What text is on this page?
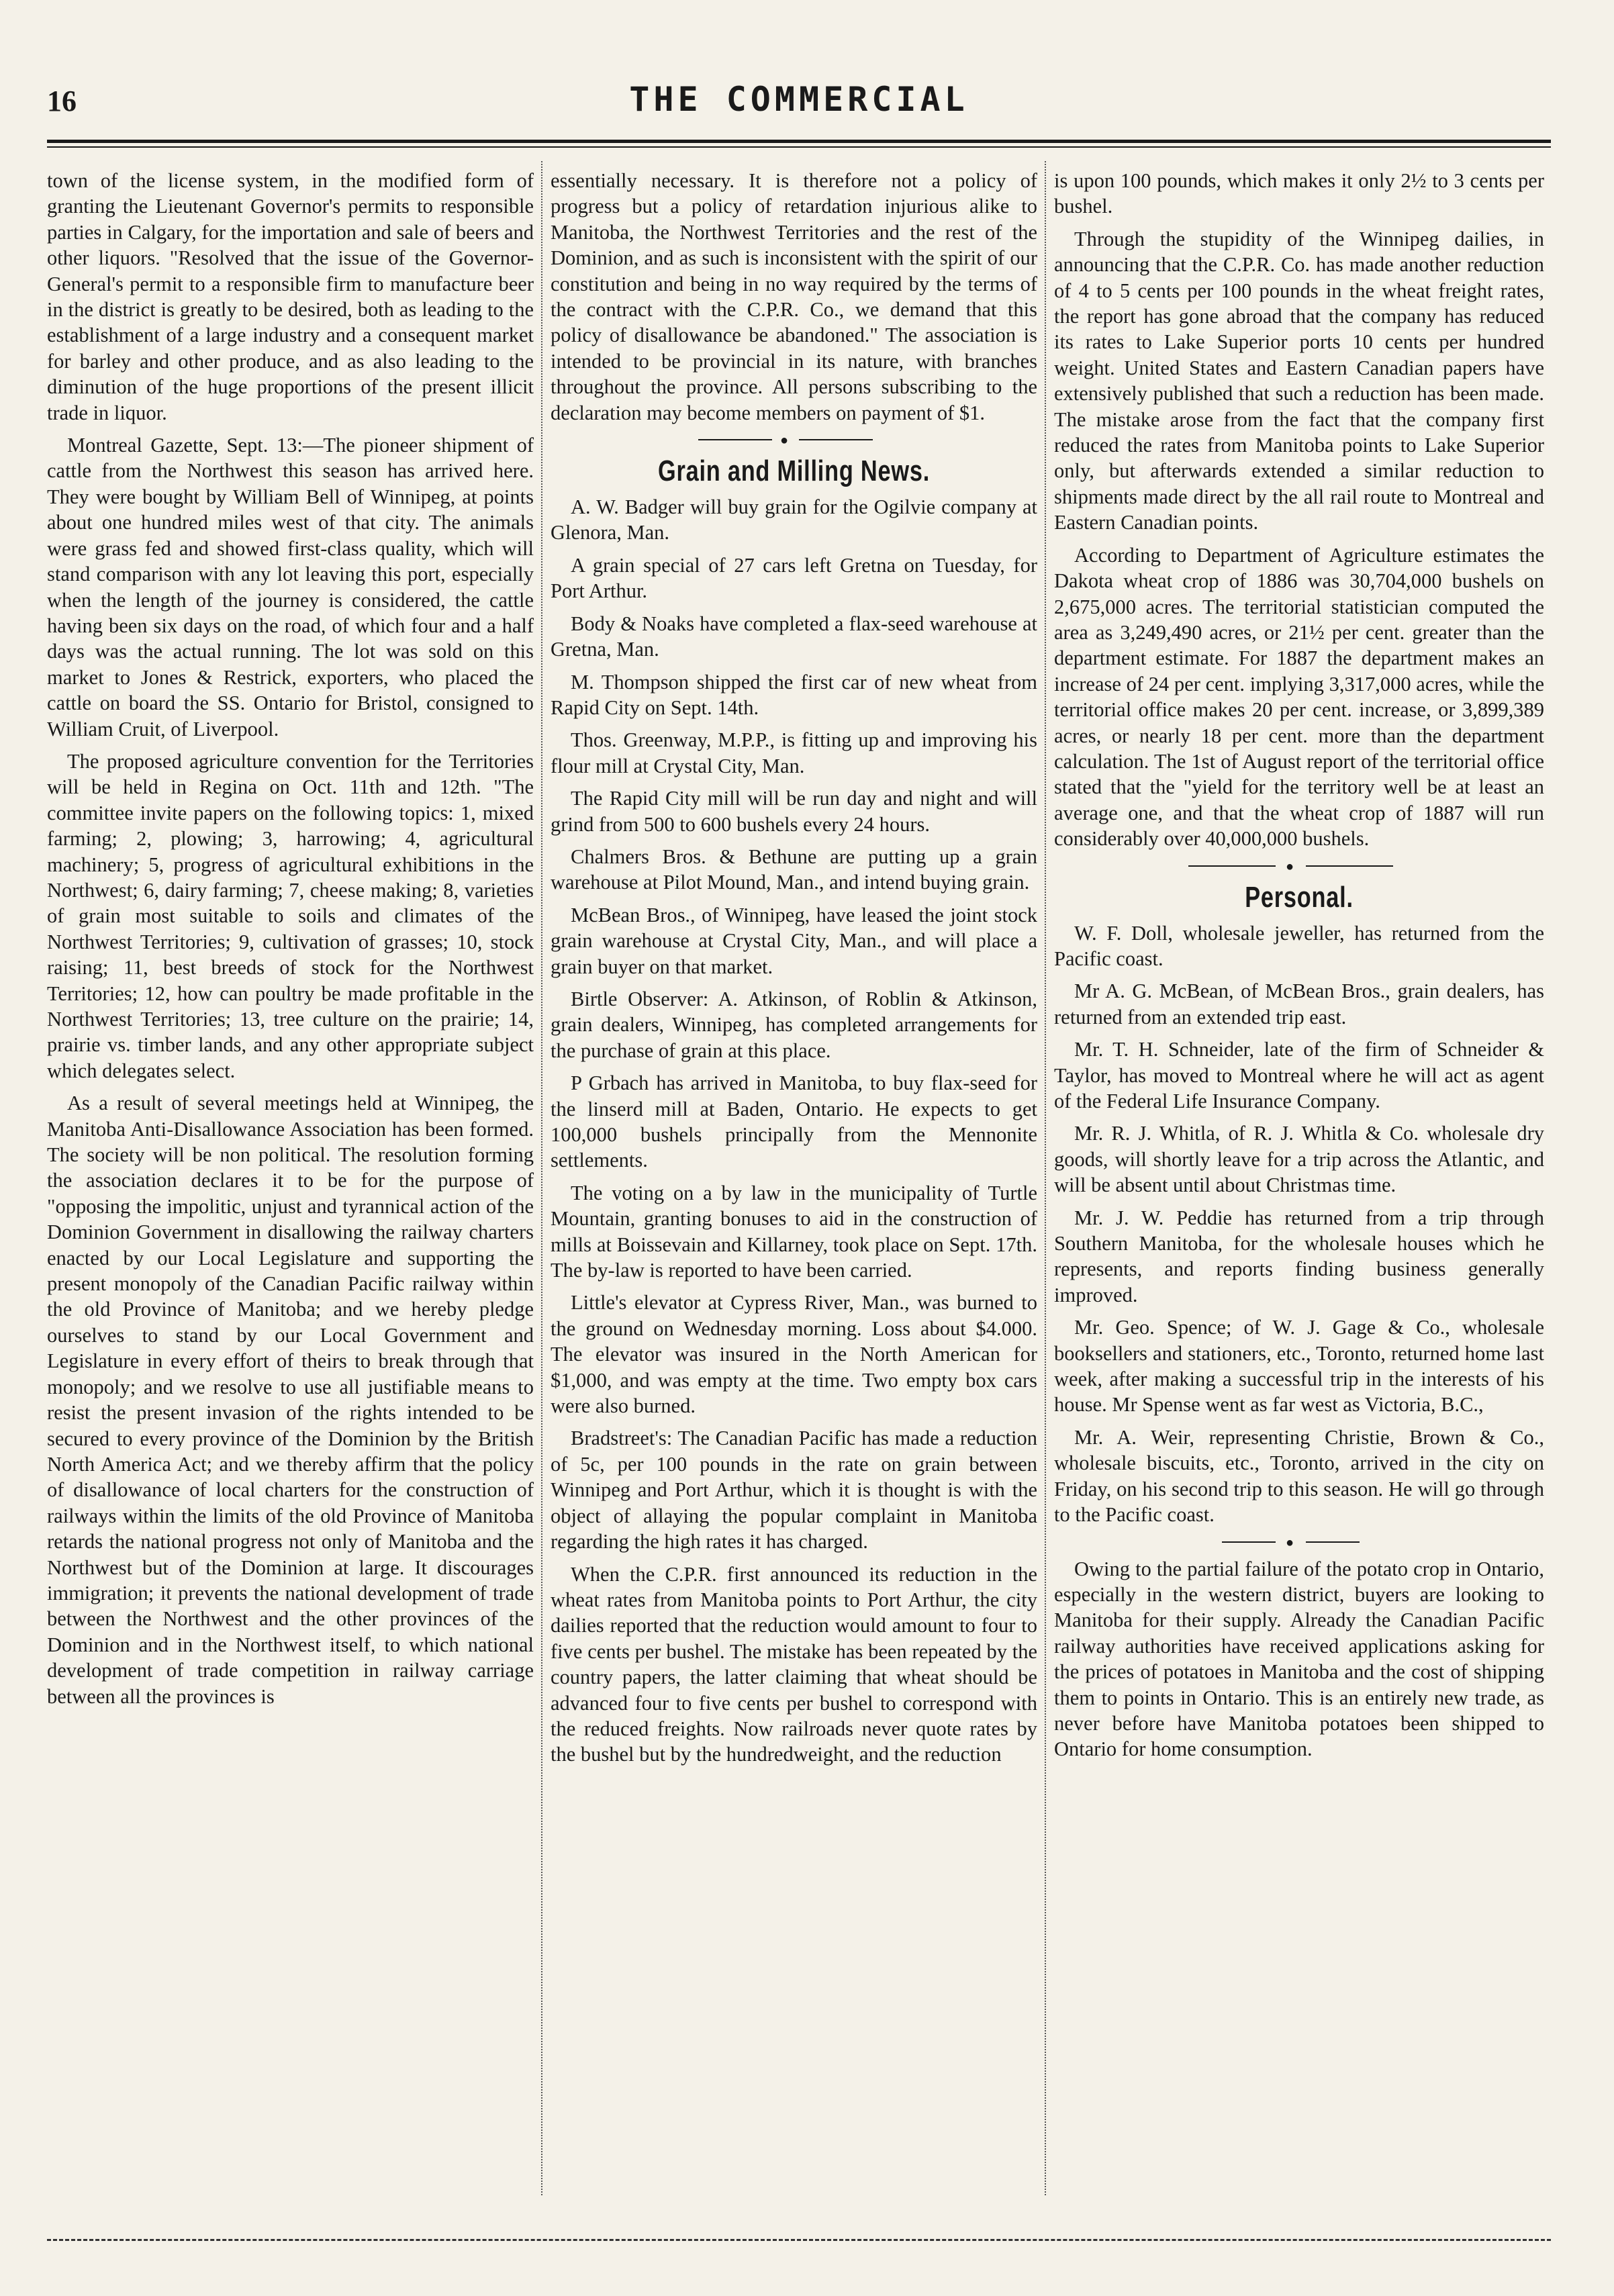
16	THE COMMERCIAL

town of the license system, in the modified form of granting the Lieutenant Governor's permits to responsible parties in Calgary, for the importation and sale of beers and other liquors. "Resolved that the issue of the Governor-General's permit to a responsible firm to manufacture beer in the district is greatly to be desired, both as leading to the establishment of a large industry and a consequent market for barley and other produce, and as also leading to the diminution of the huge proportions of the present illicit trade in liquor.

Montreal Gazette, Sept. 13:—The pioneer shipment of cattle from the Northwest this season has arrived here. They were bought by William Bell of Winnipeg, at points about one hundred miles west of that city. The animals were grass fed and showed first-class quality, which will stand comparison with any lot leaving this port, especially when the length of the journey is considered, the cattle having been six days on the road, of which four and a half days was the actual running. The lot was sold on this market to Jones & Restrick, exporters, who placed the cattle on board the SS. Ontario for Bristol, consigned to William Cruit, of Liverpool.

The proposed agriculture convention for the Territories will be held in Regina on Oct. 11th and 12th. "The committee invite papers on the following topics: 1, mixed farming; 2, plowing; 3, harrowing; 4, agricultural machinery; 5, progress of agricultural exhibitions in the Northwest; 6, dairy farming; 7, cheese making; 8, varieties of grain most suitable to soils and climates of the Northwest Territories; 9, cultivation of grasses; 10, stock raising; 11, best breeds of stock for the Northwest Territories; 12, how can poultry be made profitable in the Northwest Territories; 13, tree culture on the prairie; 14, prairie vs. timber lands, and any other appropriate subject which delegates select.

As a result of several meetings held at Winnipeg, the Manitoba Anti-Disallowance Association has been formed. The society will be non political. The resolution forming the association declares it to be for the purpose of "opposing the impolitic, unjust and tyrannical action of the Dominion Government in disallowing the railway charters enacted by our Local Legislature and supporting the present monopoly of the Canadian Pacific railway within the old Province of Manitoba; and we hereby pledge ourselves to stand by our Local Government and Legislature in every effort of theirs to break through that monopoly; and we resolve to use all justifiable means to resist the present invasion of the rights intended to be secured to every province of the Dominion by the British North America Act; and we thereby affirm that the policy of disallowance of local charters for the construction of railways within the limits of the old Province of Manitoba retards the national progress not only of Manitoba and the Northwest but of the Dominion at large. It discourages immigration; it prevents the national development of trade between the Northwest and the other provinces of the Dominion and in the Northwest itself, to which national development of trade competition in railway carriage between all the provinces is

essentially necessary. It is therefore not a policy of progress but a policy of retardation injurious alike to Manitoba, the Northwest Territories and the rest of the Dominion, and as such is inconsistent with the spirit of our constitution and being in no way required by the terms of the contract with the C.P.R. Co., we demand that this policy of disallowance be abandoned." The association is intended to be provincial in its nature, with branches throughout the province. All persons subscribing to the declaration may become members on payment of $1.

●
Grain and Milling News.

A. W. Badger will buy grain for the Ogilvie company at Glenora, Man.

A grain special of 27 cars left Gretna on Tuesday, for Port Arthur.

Body & Noaks have completed a flax-seed warehouse at Gretna, Man.

M. Thompson shipped the first car of new wheat from Rapid City on Sept. 14th.

Thos. Greenway, M.P.P., is fitting up and improving his flour mill at Crystal City, Man.

The Rapid City mill will be run day and night and will grind from 500 to 600 bushels every 24 hours.

Chalmers Bros. & Bethune are putting up a grain warehouse at Pilot Mound, Man., and intend buying grain.

McBean Bros., of Winnipeg, have leased the joint stock grain warehouse at Crystal City, Man., and will place a grain buyer on that market.

Birtle Observer: A. Atkinson, of Roblin & Atkinson, grain dealers, Winnipeg, has completed arrangements for the purchase of grain at this place.

P Grbach has arrived in Manitoba, to buy flax-seed for the linserd mill at Baden, Ontario. He expects to get 100,000 bushels principally from the Mennonite settlements.

The voting on a by law in the municipality of Turtle Mountain, granting bonuses to aid in the construction of mills at Boissevain and Killarney, took place on Sept. 17th. The by-law is reported to have been carried.

Little's elevator at Cypress River, Man., was burned to the ground on Wednesday morning. Loss about $4.000. The elevator was insured in the North American for $1,000, and was empty at the time. Two empty box cars were also burned.

Bradstreet's: The Canadian Pacific has made a reduction of 5c, per 100 pounds in the rate on grain between Winnipeg and Port Arthur, which it is thought is with the object of allaying the popular complaint in Manitoba regarding the high rates it has charged.

When the C.P.R. first announced its reduction in the wheat rates from Manitoba points to Port Arthur, the city dailies reported that the reduction would amount to four to five cents per bushel. The mistake has been repeated by the country papers, the latter claiming that wheat should be advanced four to five cents per bushel to correspond with the reduced freights. Now railroads never quote rates by the bushel but by the hundredweight, and the reduction

is upon 100 pounds, which makes it only 2½ to 3 cents per bushel.

Through the stupidity of the Winnipeg dailies, in announcing that the C.P.R. Co. has made another reduction of 4 to 5 cents per 100 pounds in the wheat freight rates, the report has gone abroad that the company has reduced its rates to Lake Superior ports 10 cents per hundred weight. United States and Eastern Canadian papers have extensively published that such a reduction has been made. The mistake arose from the fact that the company first reduced the rates from Manitoba points to Lake Superior only, but afterwards extended a similar reduction to shipments made direct by the all rail route to Montreal and Eastern Canadian points.

According to Department of Agriculture estimates the Dakota wheat crop of 1886 was 30,704,000 bushels on 2,675,000 acres. The territorial statistician computed the area as 3,249,490 acres, or 21½ per cent. greater than the department estimate. For 1887 the department makes an increase of 24 per cent. implying 3,317,000 acres, while the territorial office makes 20 per cent. increase, or 3,899,389 acres, or nearly 18 per cent. more than the department calculation. The 1st of August report of the territorial office stated that the "yield for the territory well be at least an average one, and that the wheat crop of 1887 will run considerably over 40,000,000 bushels.

●
Personal.

W. F. Doll, wholesale jeweller, has returned from the Pacific coast.

Mr A. G. McBean, of McBean Bros., grain dealers, has returned from an extended trip east.

Mr. T. H. Schneider, late of the firm of Schneider & Taylor, has moved to Montreal where he will act as agent of the Federal Life Insurance Company.

Mr. R. J. Whitla, of R. J. Whitla & Co. wholesale dry goods, will shortly leave for a trip across the Atlantic, and will be absent until about Christmas time.

Mr. J. W. Peddie has returned from a trip through Southern Manitoba, for the wholesale houses which he represents, and reports finding business generally improved.

Mr. Geo. Spence; of W. J. Gage & Co., wholesale booksellers and stationers, etc., Toronto, returned home last week, after making a successful trip in the interests of his house. Mr Spense went as far west as Victoria, B.C.,

Mr. A. Weir, representing Christie, Brown & Co., wholesale biscuits, etc., Toronto, arrived in the city on Friday, on his second trip to this season. He will go through to the Pacific coast.

●

Owing to the partial failure of the potato crop in Ontario, especially in the western district, buyers are looking to Manitoba for their supply. Already the Canadian Pacific railway authorities have received applications asking for the prices of potatoes in Manitoba and the cost of shipping them to points in Ontario. This is an entirely new trade, as never before have Manitoba potatoes been shipped to Ontario for home consumption.
